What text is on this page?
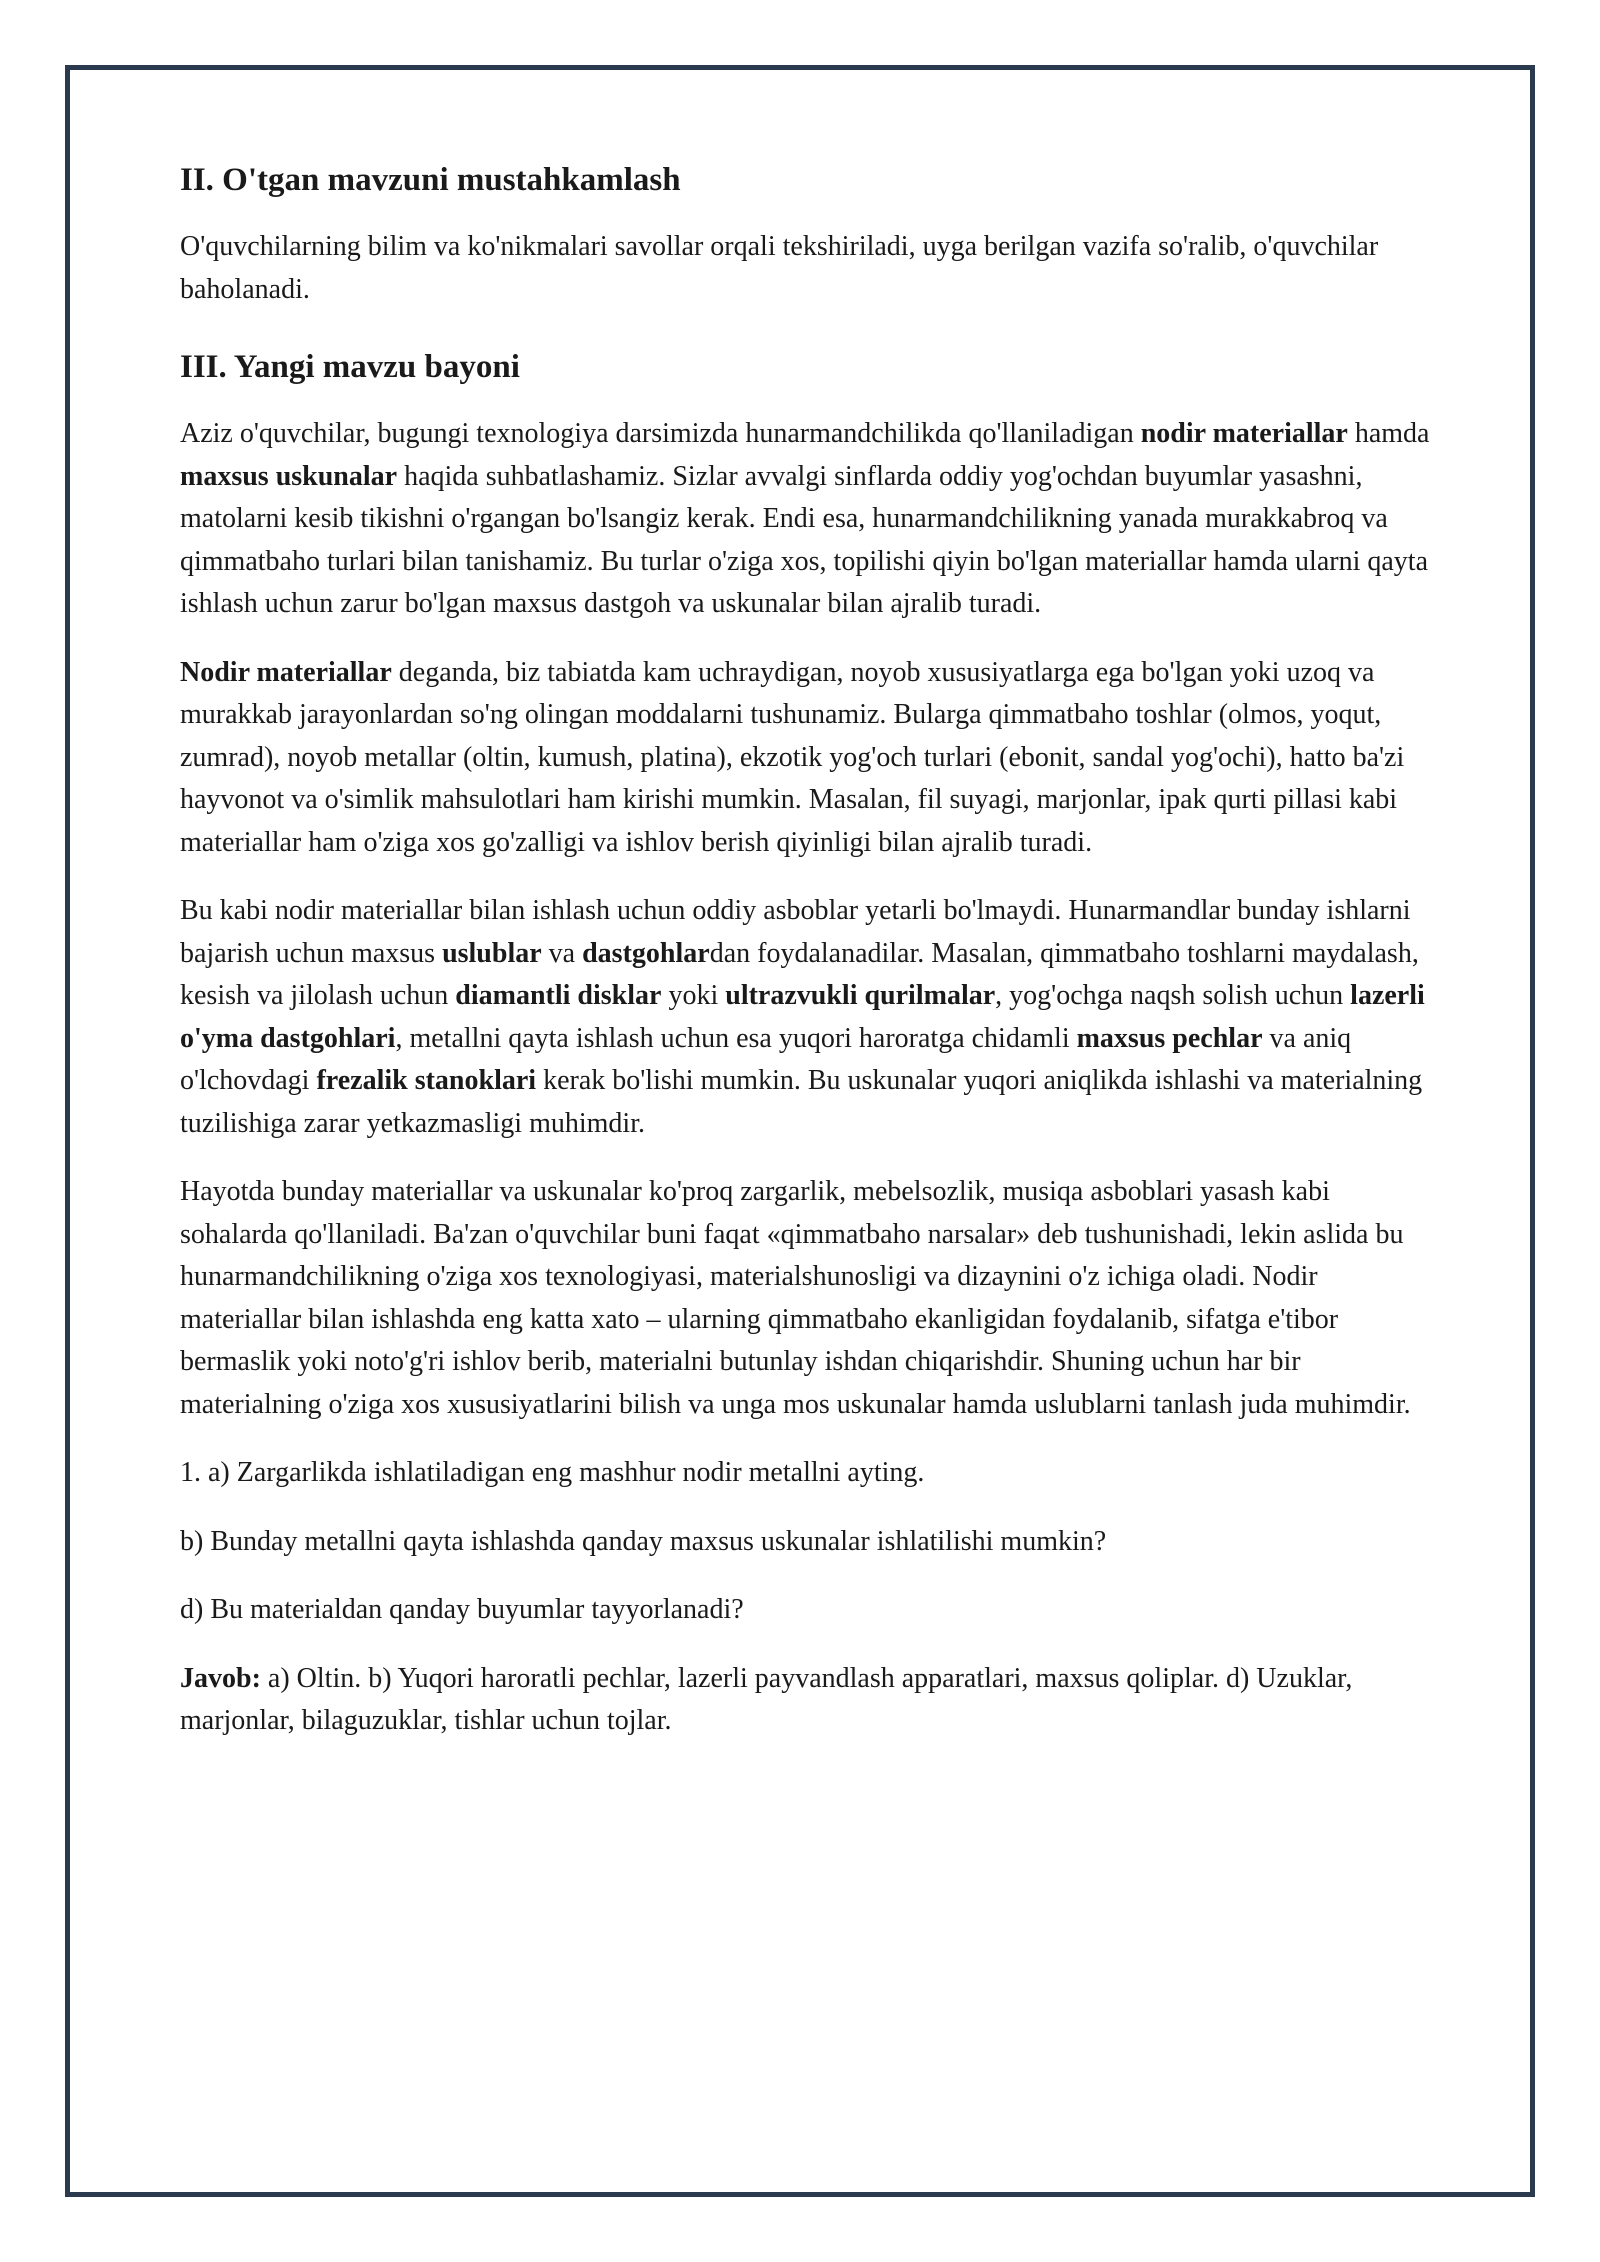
II. O'tgan mavzuni mustahkamlash

O'quvchilarning bilim va ko'nikmalari savollar orqali tekshiriladi, uyga berilgan vazifa so'ralib, o'quvchilar baholanadi.

III. Yangi mavzu bayoni

Aziz o'quvchilar, bugungi texnologiya darsimizda hunarmandchilikda qo'llaniladigan nodir materiallar hamda maxsus uskunalar haqida suhbatlashamiz. Sizlar avvalgi sinflarda oddiy yog'ochdan buyumlar yasashni, matolarni kesib tikishni o'rgangan bo'lsangiz kerak. Endi esa, hunarmandchilikning yanada murakkabroq va qimmatbaho turlari bilan tanishamiz. Bu turlar o'ziga xos, topilishi qiyin bo'lgan materiallar hamda ularni qayta ishlash uchun zarur bo'lgan maxsus dastgoh va uskunalar bilan ajralib turadi.

Nodir materiallar deganda, biz tabiatda kam uchraydigan, noyob xususiyatlarga ega bo'lgan yoki uzoq va murakkab jarayonlardan so'ng olingan moddalarni tushunamiz. Bularga qimmatbaho toshlar (olmos, yoqut, zumrad), noyob metallar (oltin, kumush, platina), ekzotik yog'och turlari (ebonit, sandal yog'ochi), hatto ba'zi hayvonot va o'simlik mahsulotlari ham kirishi mumkin. Masalan, fil suyagi, marjonlar, ipak qurti pillasi kabi materiallar ham o'ziga xos go'zalligi va ishlov berish qiyinligi bilan ajralib turadi.

Bu kabi nodir materiallar bilan ishlash uchun oddiy asboblar yetarli bo'lmaydi. Hunarmandlar bunday ishlarni bajarish uchun maxsus uslublar va dastgohlardan foydalanadilar. Masalan, qimmatbaho toshlarni maydalash, kesish va jilolash uchun diamantli disklar yoki ultrazvukli qurilmalar, yog'ochga naqsh solish uchun lazerli o'yma dastgohlari, metallni qayta ishlash uchun esa yuqori haroratga chidamli maxsus pechlar va aniq o'lchovdagi frezalik stanoklari kerak bo'lishi mumkin. Bu uskunalar yuqori aniqlikda ishlashi va materialning tuzilishiga zarar yetkazmasligi muhimdir.

Hayotda bunday materiallar va uskunalar ko'proq zargarlik, mebelsozlik, musiqa asboblari yasash kabi sohalarda qo'llaniladi. Ba'zan o'quvchilar buni faqat «qimmatbaho narsalar» deb tushunishadi, lekin aslida bu hunarmandchilikning o'ziga xos texnologiyasi, materialshunosligi va dizaynini o'z ichiga oladi. Nodir materiallar bilan ishlashda eng katta xato – ularning qimmatbaho ekanligidan foydalanib, sifatga e'tibor bermaslik yoki noto'g'ri ishlov berib, materialni butunlay ishdan chiqarishdir. Shuning uchun har bir materialning o'ziga xos xususiyatlarini bilish va unga mos uskunalar hamda uslublarni tanlash juda muhimdir.

1. a) Zargarlikda ishlatiladigan eng mashhur nodir metallni ayting.

b) Bunday metallni qayta ishlashda qanday maxsus uskunalar ishlatilishi mumkin?

d) Bu materialdan qanday buyumlar tayyorlanadi?

Javob: a) Oltin. b) Yuqori haroratli pechlar, lazerli payvandlash apparatlari, maxsus qoliplar. d) Uzuklar, marjonlar, bilaguzuklar, tishlar uchun tojlar.
